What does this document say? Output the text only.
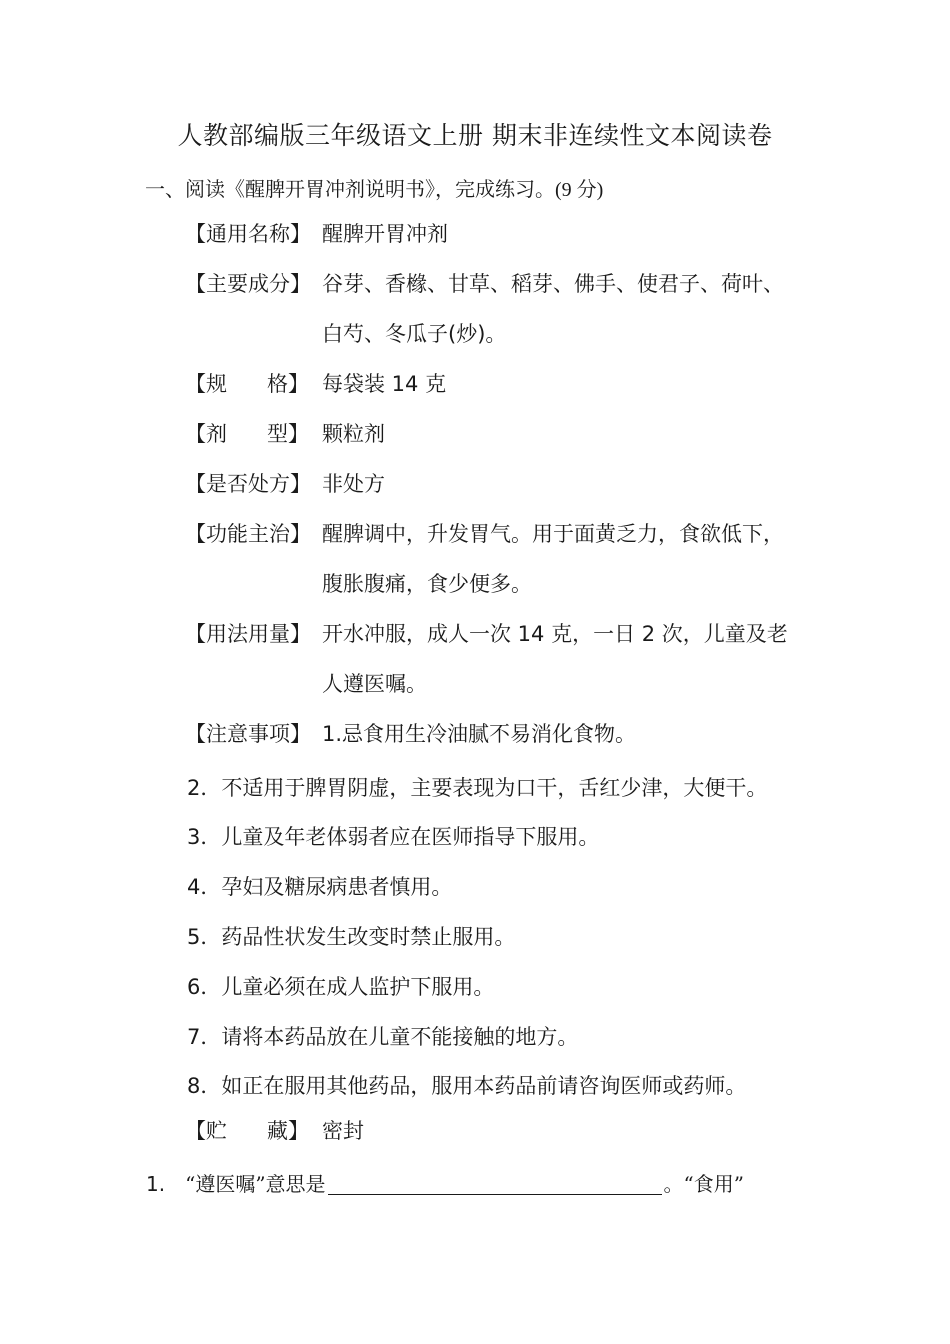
人教部编版三年级语文上册 期末非连续性文本阅读卷
一、阅读《醒脾开胃冲剂说明书》，完成练习。(9 分)
【通用名称】 醒脾开胃冲剂
【主要成分】 谷芽、香橼、甘草、稻芽、佛手、使君子、荷叶、
白芍、冬瓜子(炒)。
【规      格】 每袋装 14 克
【剂      型】 颗粒剂
【是否处方】 非处方
【功能主治】 醒脾调中，升发胃气。用于面黄乏力，食欲低下，
腹胀腹痛，食少便多。
【用法用量】 开水冲服，成人一次 14 克，一日 2 次，儿童及老
人遵医嘱。
【注意事项】 1.忌食用生冷油腻不易消化食物。
2．不适用于脾胃阴虚，主要表现为口干，舌红少津，大便干。
3．儿童及年老体弱者应在医师指导下服用。
4．孕妇及糖尿病患者慎用。
5．药品性状发生改变时禁止服用。
6．儿童必须在成人监护下服用。
7．请将本药品放在儿童不能接触的地方。
8．如正在服用其他药品，服用本药品前请咨询医师或药师。
【贮      藏】 密封
1. “遵医嘱”意思是	。“食用”
